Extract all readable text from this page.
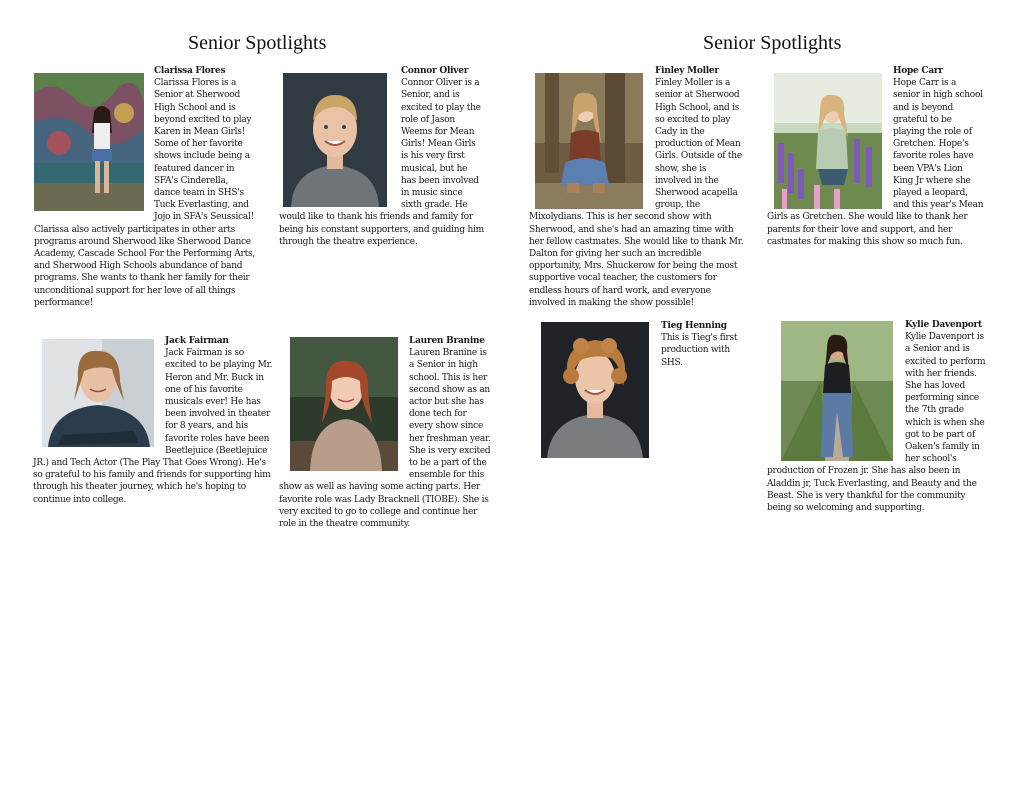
Senior Spotlights	Senior Spotlights
Clarissa Flores
Clarissa Flores is a Senior at Sherwood High School and is beyond excited to play Karen in Mean Girls! Some of her favorite shows include being a featured dancer in SFA's Cinderella, dance team in SHS's Tuck Everlasting, and Jojo in SFA's Seussical! Clarissa also actively participates in other arts programs around Sherwood like Sherwood Dance Academy, Cascade School For the Performing Arts, and Sherwood High Schools abundance of band programs. She wants to thank her family for their unconditional support for her love of all things performance!
Connor Oliver
Connor Oliver is a Senior, and is excited to play the role of Jason Weems for Mean Girls! Mean Girls is his very first musical, but he has been involved in music since sixth grade. He would like to thank his friends and family for being his constant supporters, and guiding him through the theatre experience.
Jack Fairman
Jack Fairman is so excited to be playing Mr. Heron and Mr. Buck in one of his favorite musicals ever! He has been involved in theater for 8 years, and his favorite roles have been Beetlejuice (Beetlejuice JR.) and Tech Actor (The Play That Goes Wrong). He's so grateful to his family and friends for supporting him through his theater journey, which he's hoping to continue into college.
Lauren Branine
Lauren Branine is a Senior in high school. This is her second show as an actor but she has done tech for every show since her freshman year. She is very excited to be a part of the ensemble for this show as well as having some acting parts. Her favorite role was Lady Bracknell (TIOBE). She is very excited to go to college and continue her role in the theatre community.
Finley Moller
Finley Moller is a senior at Sherwood High School, and is so excited to play Cady in the production of Mean Girls. Outside of the show, she is involved in the Sherwood acapella group, the Mixolydians. This is her second show with Sherwood, and she's had an amazing time with her fellow castmates. She would like to thank Mr. Dalton for giving her such an incredible opportunity, Mrs. Shuckerow for being the most supportive vocal teacher, the customers for endless hours of hard work, and everyone involved in making the show possible!
Hope Carr
Hope Carr is a senior in high school and is beyond grateful to be playing the role of Gretchen. Hope's favorite roles have been VPA's Lion King Jr where she played a leopard, and this year's Mean Girls as Gretchen. She would like to thank her parents for their love and support, and her castmates for making this show so much fun.
Tieg Henning
This is Tieg's first production with SHS.
Kylie Davenport
Kylie Davenport is a Senior and is excited to perform with her friends. She has loved performing since the 7th grade which is when she got to be part of Oaken's family in her school's production of Frozen jr. She has also been in Aladdin jr, Tuck Everlasting, and Beauty and the Beast. She is very thankful for the community being so welcoming and supporting.
